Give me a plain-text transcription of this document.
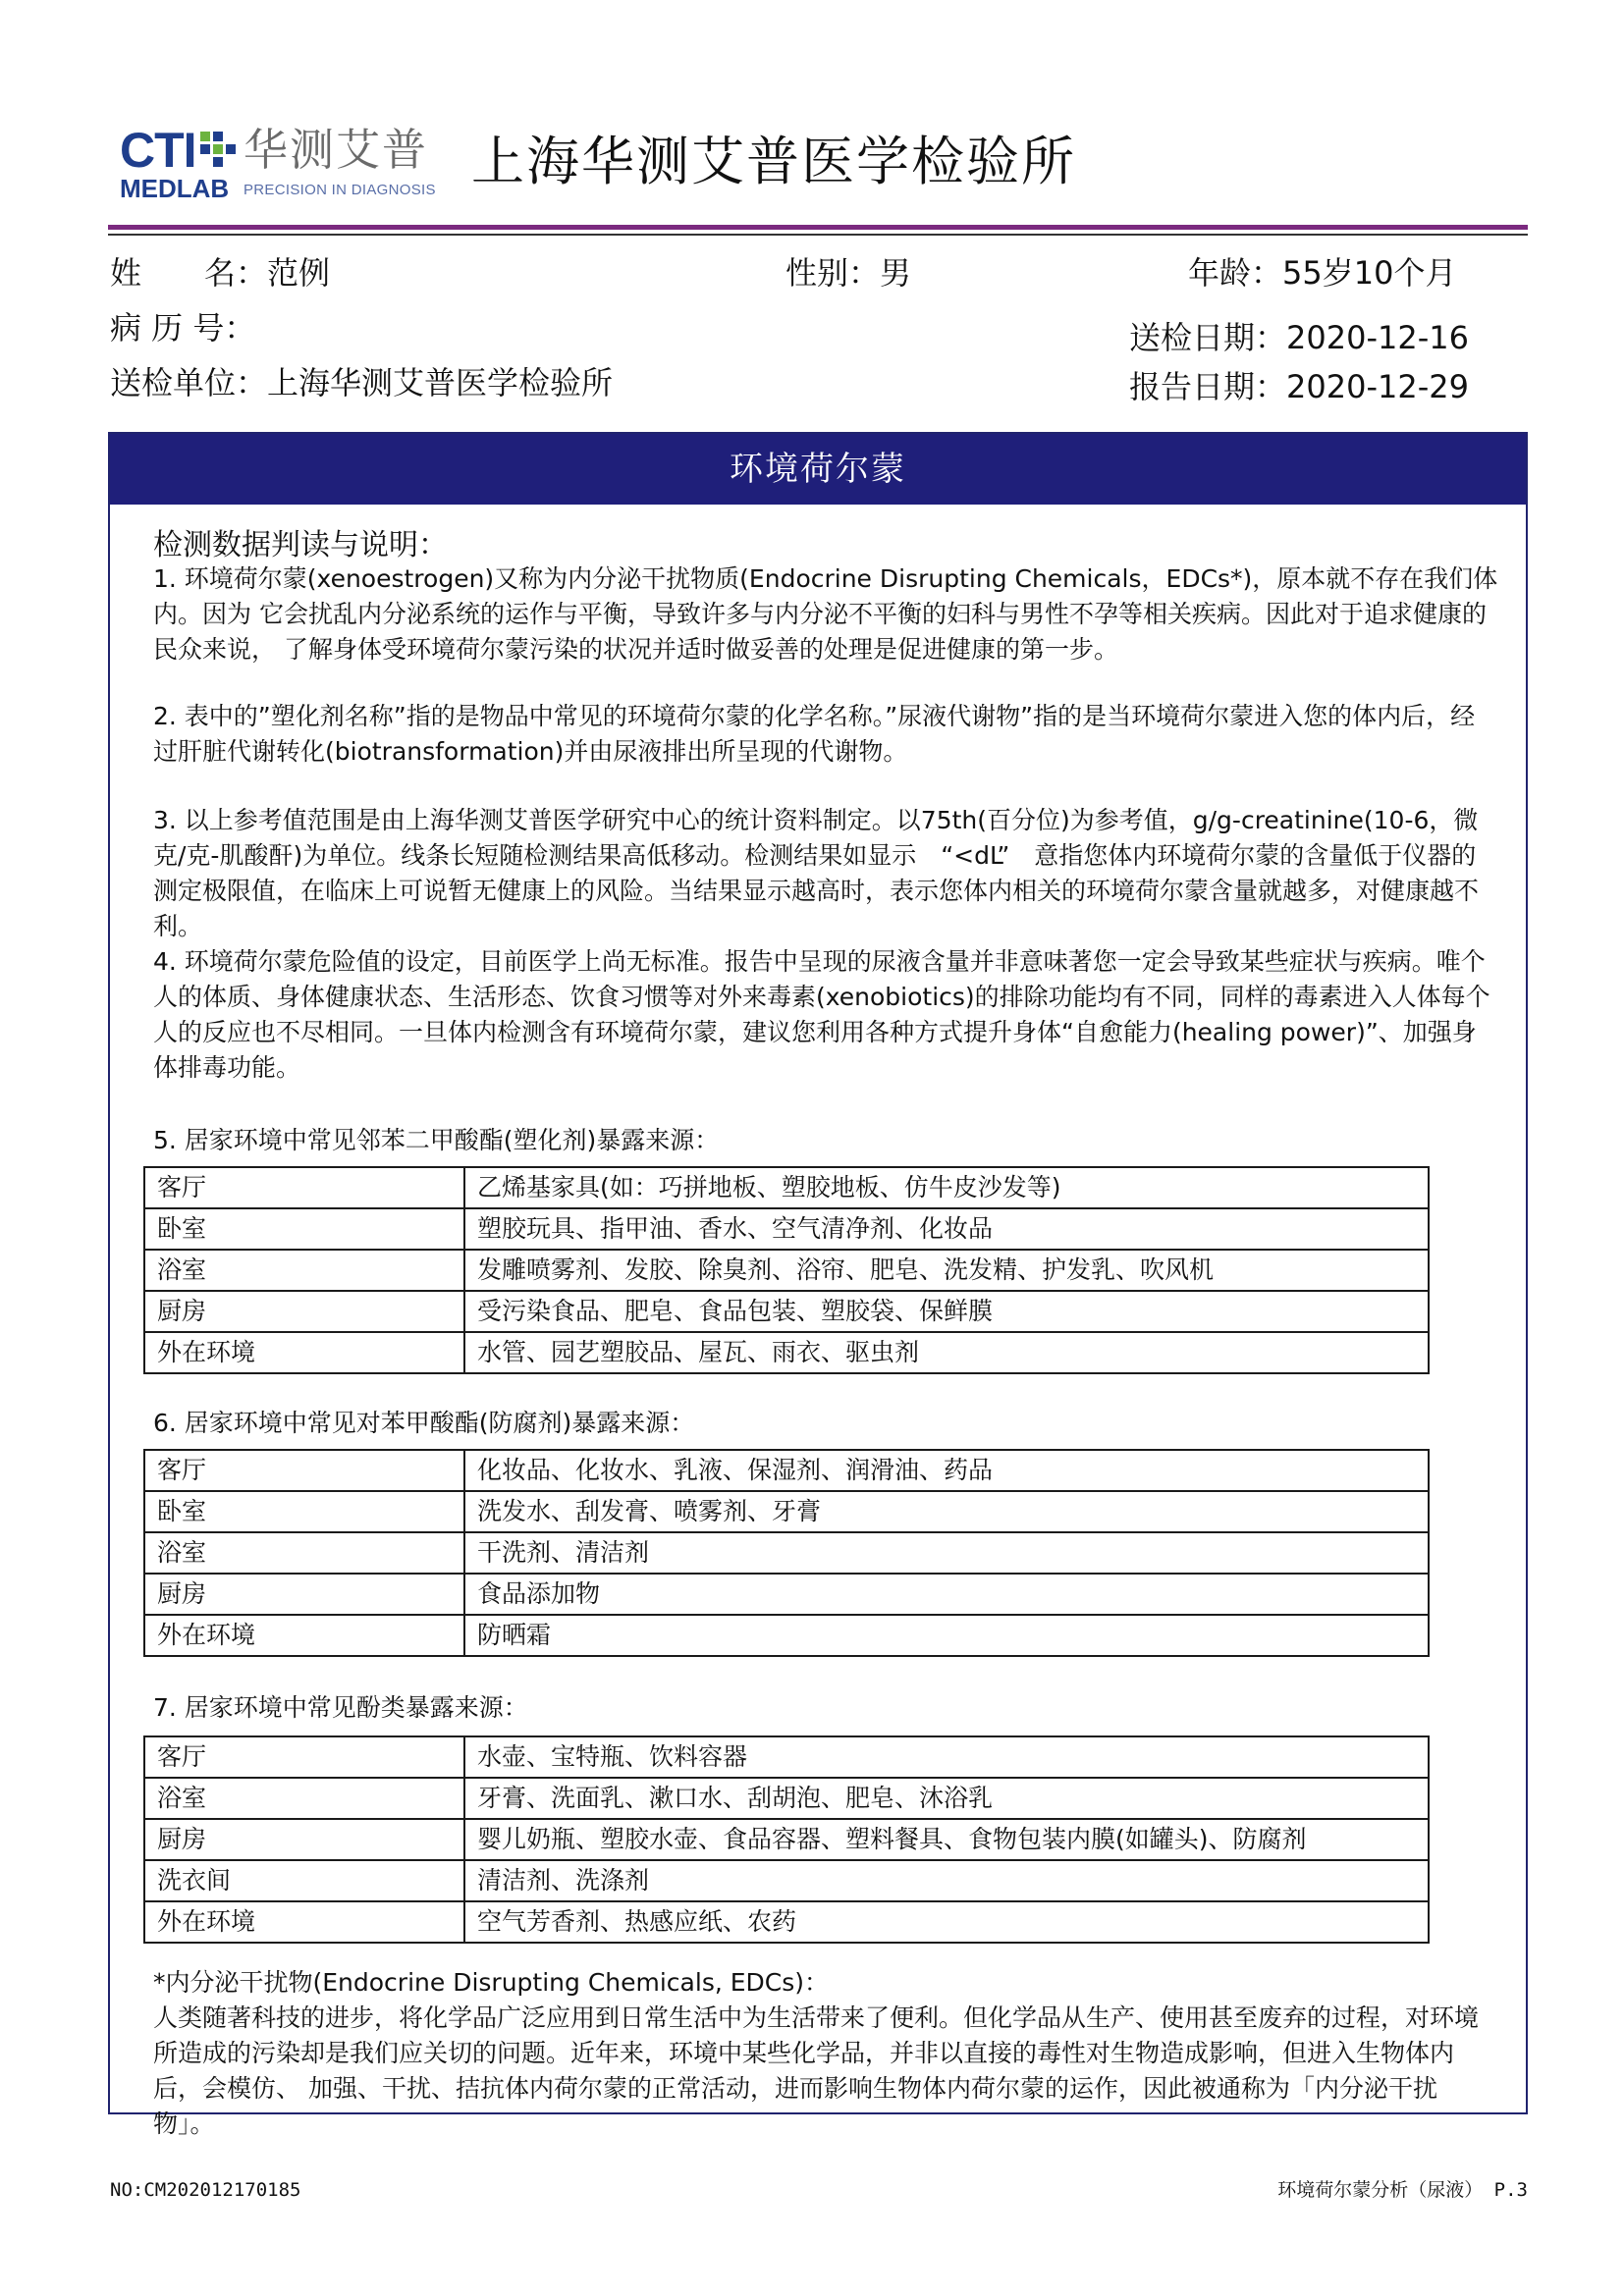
CTI 华测艾普
MEDLAB PRECISION IN DIAGNOSIS 上海华测艾普医学检验所
姓　　名：范例	性别：男	年龄：55岁10个月
病 历 号：	送检日期：2020-12-16
送检单位：上海华测艾普医学检验所	报告日期：2020-12-29
环境荷尔蒙
检测数据判读与说明：

1. 环境荷尔蒙(xenoestrogen)又称为内分泌干扰物质(Endocrine Disrupting Chemicals，EDCs*)，原本就不存在我们体内。因为 它会扰乱内分泌系统的运作与平衡，导致许多与内分泌不平衡的妇科与男性不孕等相关疾病。因此对于追求健康的民众来说， 了解身体受环境荷尔蒙污染的状况并适时做妥善的处理是促进健康的第一步。

2. 表中的”塑化剂名称”指的是物品中常见的环境荷尔蒙的化学名称。”尿液代谢物”指的是当环境荷尔蒙进入您的体内后，经过肝脏代谢转化(biotransformation)并由尿液排出所呈现的代谢物。

3. 以上参考值范围是由上海华测艾普医学研究中心的统计资料制定。以75th(百分位)为参考值，g/g-creatinine(10-6，微克/克-肌酸酐)为单位。线条长短随检测结果高低移动。检测结果如显示　“<dL”　意指您体内环境荷尔蒙的含量低于仪器的测定极限值，在临床上可说暂无健康上的风险。当结果显示越高时，表示您体内相关的环境荷尔蒙含量就越多，对健康越不利。

4. 环境荷尔蒙危险值的设定，目前医学上尚无标准。报告中呈现的尿液含量并非意味著您一定会导致某些症状与疾病。唯个人的体质、身体健康状态、生活形态、饮食习惯等对外来毒素(xenobiotics)的排除功能均有不同，同样的毒素进入人体每个人的反应也不尽相同。一旦体内检测含有环境荷尔蒙，建议您利用各种方式提升身体“自愈能力(healing power)”、加强身体排毒功能。

5. 居家环境中常见邻苯二甲酸酯(塑化剂)暴露来源：
客厅	乙烯基家具(如：巧拼地板、塑胶地板、仿牛皮沙发等)
卧室	塑胶玩具、指甲油、香水、空气清净剂、化妆品
浴室	发雕喷雾剂、发胶、除臭剂、浴帘、肥皂、洗发精、护发乳、吹风机
厨房	受污染食品、肥皂、食品包装、塑胶袋、保鲜膜
外在环境	水管、园艺塑胶品、屋瓦、雨衣、驱虫剂
6. 居家环境中常见对苯甲酸酯(防腐剂)暴露来源：
客厅	化妆品、化妆水、乳液、保湿剂、润滑油、药品
卧室	洗发水、刮发膏、喷雾剂、牙膏
浴室	干洗剂、清洁剂
厨房	食品添加物
外在环境	防晒霜
7. 居家环境中常见酚类暴露来源：
客厅	水壶、宝特瓶、饮料容器
浴室	牙膏、洗面乳、漱口水、刮胡泡、肥皂、沐浴乳
厨房	婴儿奶瓶、塑胶水壶、食品容器、塑料餐具、食物包装内膜(如罐头)、防腐剂
洗衣间	清洁剂、洗涤剂
外在环境	空气芳香剂、热感应纸、农药
*内分泌干扰物(Endocrine Disrupting Chemicals, EDCs)：

人类随著科技的进步，将化学品广泛应用到日常生活中为生活带来了便利。但化学品从生产、使用甚至废弃的过程，对环境所造成的污染却是我们应关切的问题。近年来，环境中某些化学品，并非以直接的毒性对生物造成影响，但进入生物体内后，会模仿、 加强、干扰、拮抗体内荷尔蒙的正常活动，进而影响生物体内荷尔蒙的运作，因此被通称为「内分泌干扰物」。

NO:CM202012170185	环境荷尔蒙分析（尿液） P.3
